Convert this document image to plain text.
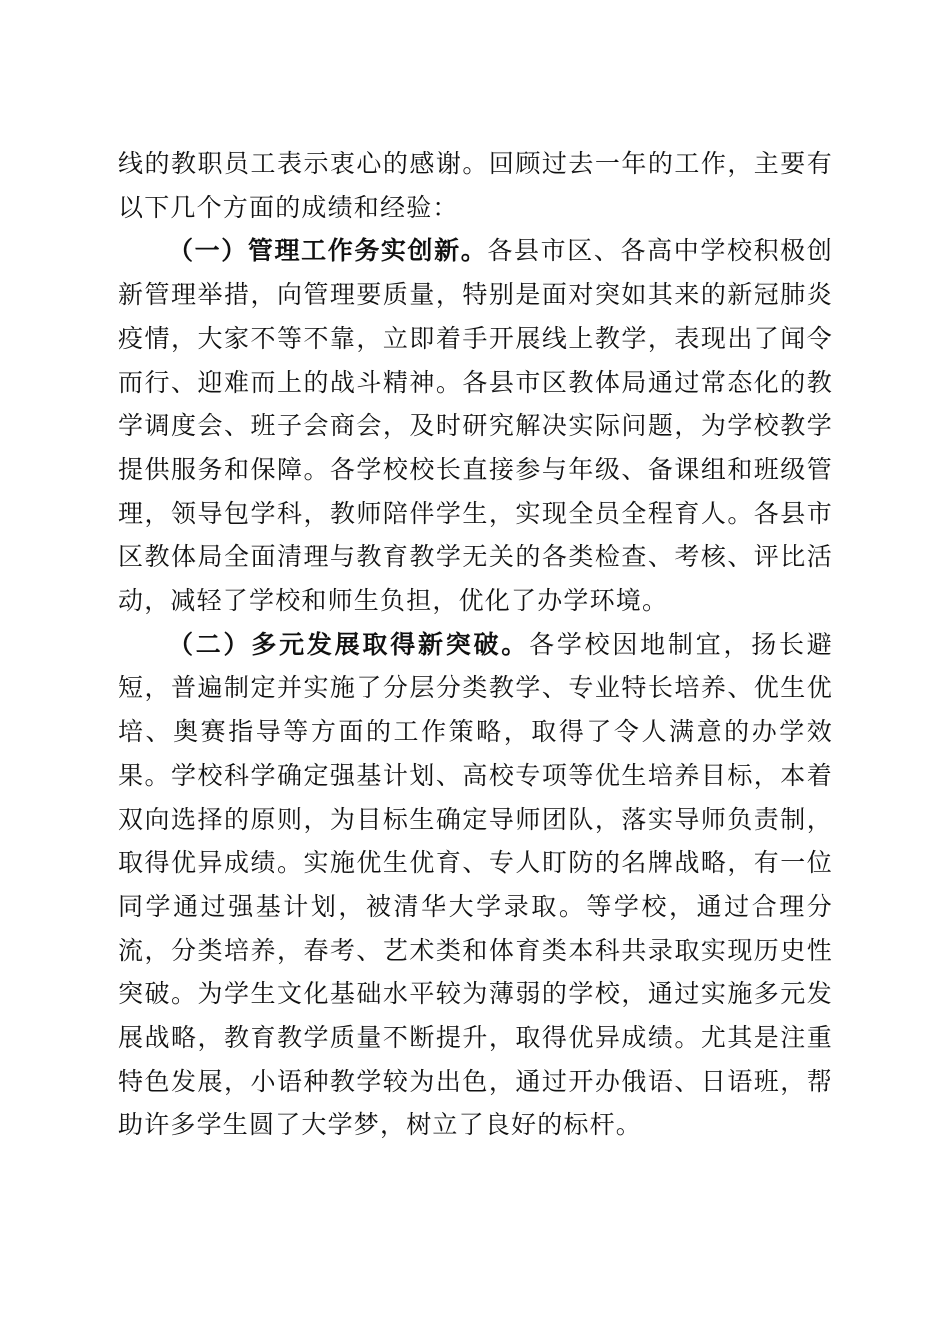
线的教职员工表示衷心的感谢。回顾过去一年的工作，主要有以下几个方面的成绩和经验：

（一）管理工作务实创新。各县市区、各高中学校积极创新管理举措，向管理要质量，特别是面对突如其来的新冠肺炎疫情，大家不等不靠，立即着手开展线上教学，表现出了闻令而行、迎难而上的战斗精神。各县市区教体局通过常态化的教学调度会、班子会商会，及时研究解决实际问题，为学校教学提供服务和保障。各学校校长直接参与年级、备课组和班级管理，领导包学科，教师陪伴学生，实现全员全程育人。各县市区教体局全面清理与教育教学无关的各类检查、考核、评比活动，减轻了学校和师生负担，优化了办学环境。

（二）多元发展取得新突破。各学校因地制宜，扬长避短，普遍制定并实施了分层分类教学、专业特长培养、优生优培、奥赛指导等方面的工作策略，取得了令人满意的办学效果。学校科学确定强基计划、高校专项等优生培养目标，本着双向选择的原则，为目标生确定导师团队，落实导师负责制，取得优异成绩。实施优生优育、专人盯防的名牌战略，有一位同学通过强基计划，被清华大学录取。等学校，通过合理分流，分类培养，春考、艺术类和体育类本科共录取实现历史性突破。为学生文化基础水平较为薄弱的学校，通过实施多元发展战略，教育教学质量不断提升，取得优异成绩。尤其是注重特色发展，小语种教学较为出色，通过开办俄语、日语班，帮助许多学生圆了大学梦，树立了良好的标杆。
